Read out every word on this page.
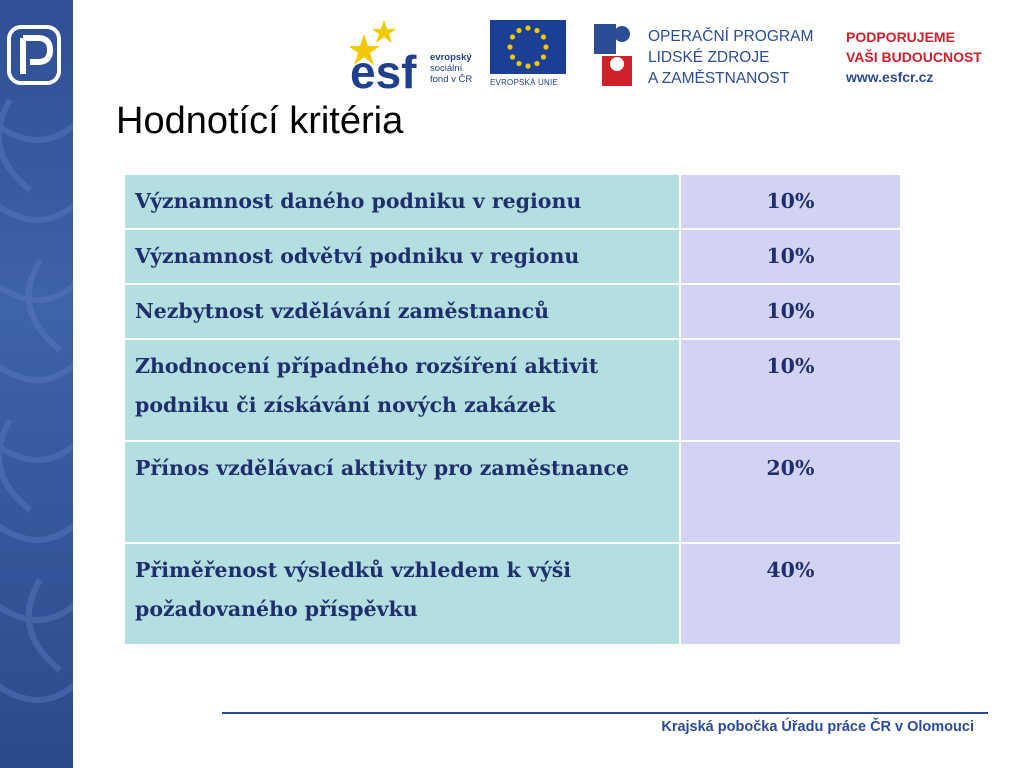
esf evropský
sociální
fond v ČR EVROPSKÁ UNIE
OPERAČNÍ PROGRAM
LIDSKÉ ZDROJE
A ZAMĚSTNANOST
PODPORUJEME
VAŠI BUDOUCNOST
www.esfcr.cz
Hodnotící kritéria
Významnost daného podniku v regionu	10%
Významnost odvětví podniku v regionu	10%
Nezbytnost vzdělávání zaměstnanců	10%
Zhodnocení případného rozšíření aktivit podniku či získávání nových zakázek	10%
Přínos vzdělávací aktivity pro zaměstnance	20%
Přiměřenost výsledků vzhledem k výši požadovaného příspěvku	40%
Krajská pobočka Úřadu práce ČR v Olomouci
